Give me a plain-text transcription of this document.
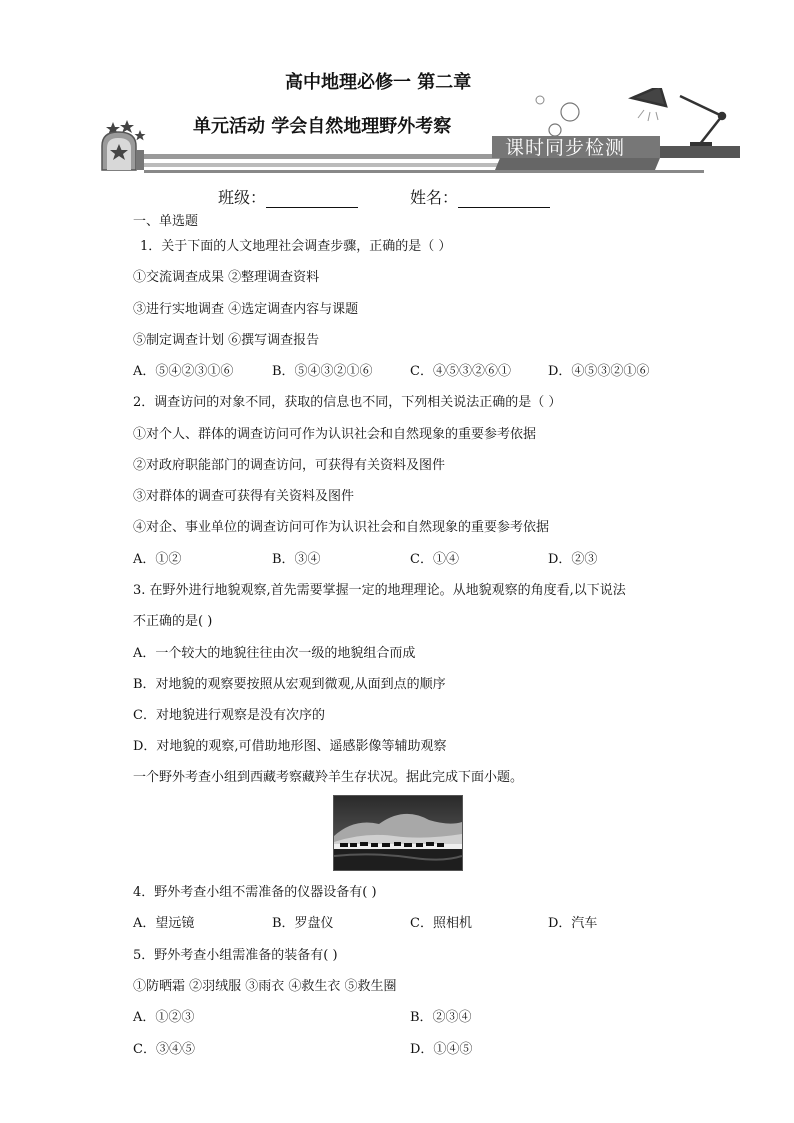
高中地理必修一 第二章
单元活动 学会自然地理野外考察
课时同步检测
班级：	姓名：
一、单选题
1．关于下面的人文地理社会调查步骤，正确的是（ ）
①交流调查成果 ②整理调查资料
③进行实地调查 ④选定调查内容与课题
⑤制定调查计划 ⑥撰写调查报告
A．⑤④②③①⑥	B．⑤④③②①⑥	C．④⑤③②⑥①	D．④⑤③②①⑥
2．调查访问的对象不同，获取的信息也不同，下列相关说法正确的是（ ）
①对个人、群体的调查访问可作为认识社会和自然现象的重要参考依据
②对政府职能部门的调查访问，可获得有关资料及图件
③对群体的调查可获得有关资料及图件
④对企、事业单位的调查访问可作为认识社会和自然现象的重要参考依据
A．①②	B．③④	C．①④	D．②③
3. 在野外进行地貌观察,首先需要掌握一定的地理理论。从地貌观察的角度看,以下说法
不正确的是( )
A．一个较大的地貌往往由次一级的地貌组合而成
B．对地貌的观察要按照从宏观到微观,从面到点的顺序
C．对地貌进行观察是没有次序的
D．对地貌的观察,可借助地形图、遥感影像等辅助观察
一个野外考查小组到西藏考察藏羚羊生存状况。据此完成下面小题。
4．野外考查小组不需准备的仪器设备有( )
A．望远镜	B．罗盘仪	C．照相机	D．汽车
5．野外考查小组需准备的装备有( )
①防晒霜 ②羽绒服 ③雨衣 ④救生衣 ⑤救生圈
A．①②③	B．②③④
C．③④⑤	D．①④⑤
